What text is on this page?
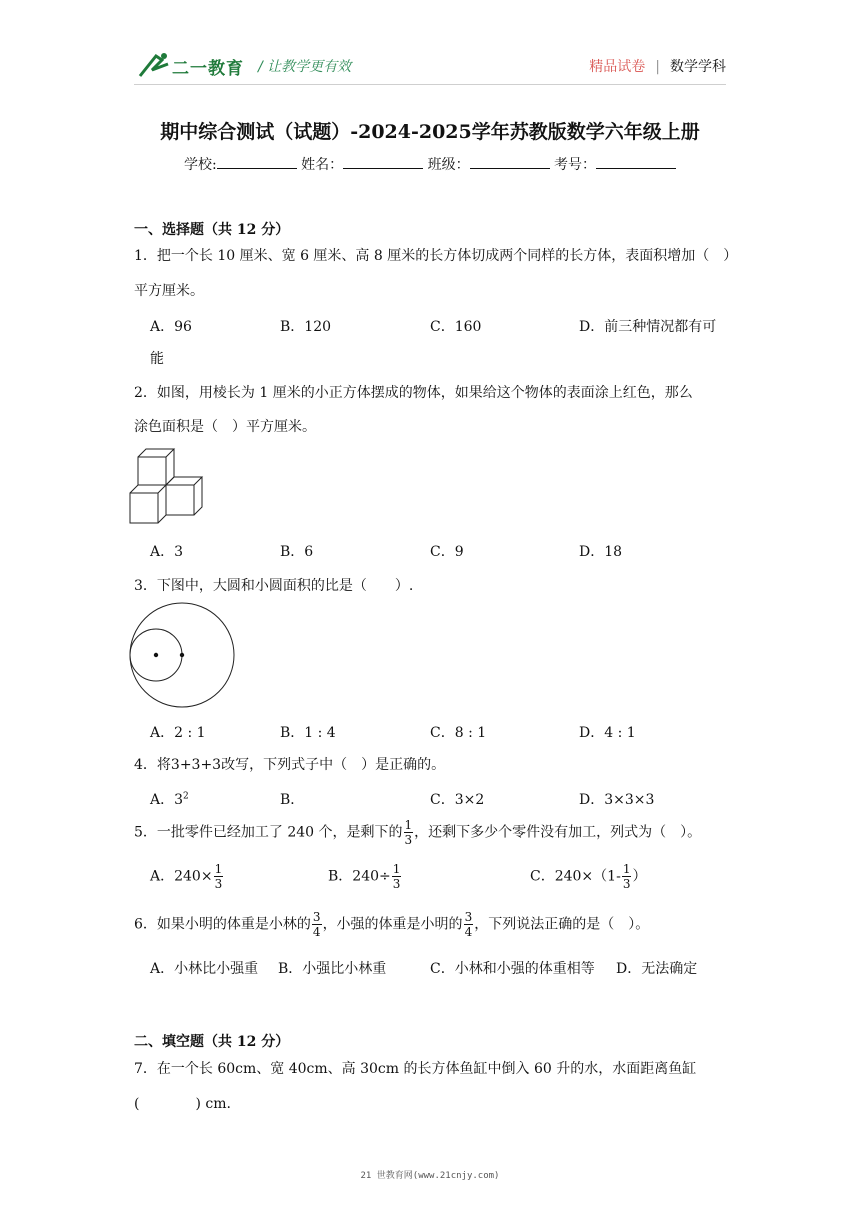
二一教育 / 让教学更有效	精品试卷 | 数学学科
期中综合测试（试题）-2024-2025学年苏教版数学六年级上册
学校:	姓名：	班级：	考号：
一、选择题（共 12 分）
1．把一个长 10 厘米、宽 6 厘米、高 8 厘米的长方体切成两个同样的长方体，表面积增加（　）
平方厘米。
A．96	B．120	C．160	D．前三种情况都有可
能
2．如图，用棱长为 1 厘米的小正方体摆成的物体，如果给这个物体的表面涂上红色，那么
涂色面积是（　）平方厘米。
A．3	B．6	C．9	D．18
3．下图中，大圆和小圆面积的比是（　　）.
A．2 : 1	B．1 : 4	C．8 : 1	D．4 : 1
4．将3+3+3改写，下列式子中（　）是正确的。
A．$3^2$	B．	C．3×2	D．3×3×3
5．一批零件已经加工了 240 个，是剩下的 $\frac{1}{3}$ ，还剩下多少个零件没有加工，列式为（　）。
A．$240\times \frac{1}{3}$	B．$240\div \frac{1}{3}$	C．$240\times(1- \frac{1}{3}$ ）
6．如果小明的体重是小林的 $\frac{3}{4}$ ，小强的体重是小明的 $\frac{3}{4}$ ，下列说法正确的是（　）。
A．小林比小强重 B．小强比小林重	C．小林和小强的体重相等 D．无法确定
二、填空题（共 12 分）
7．在一个长 60cm、宽 40cm、高 30cm 的长方体鱼缸中倒入 60 升的水，水面距离鱼缸
(　　　　) cm.
21 世教育网(www.21cnjy.com)
